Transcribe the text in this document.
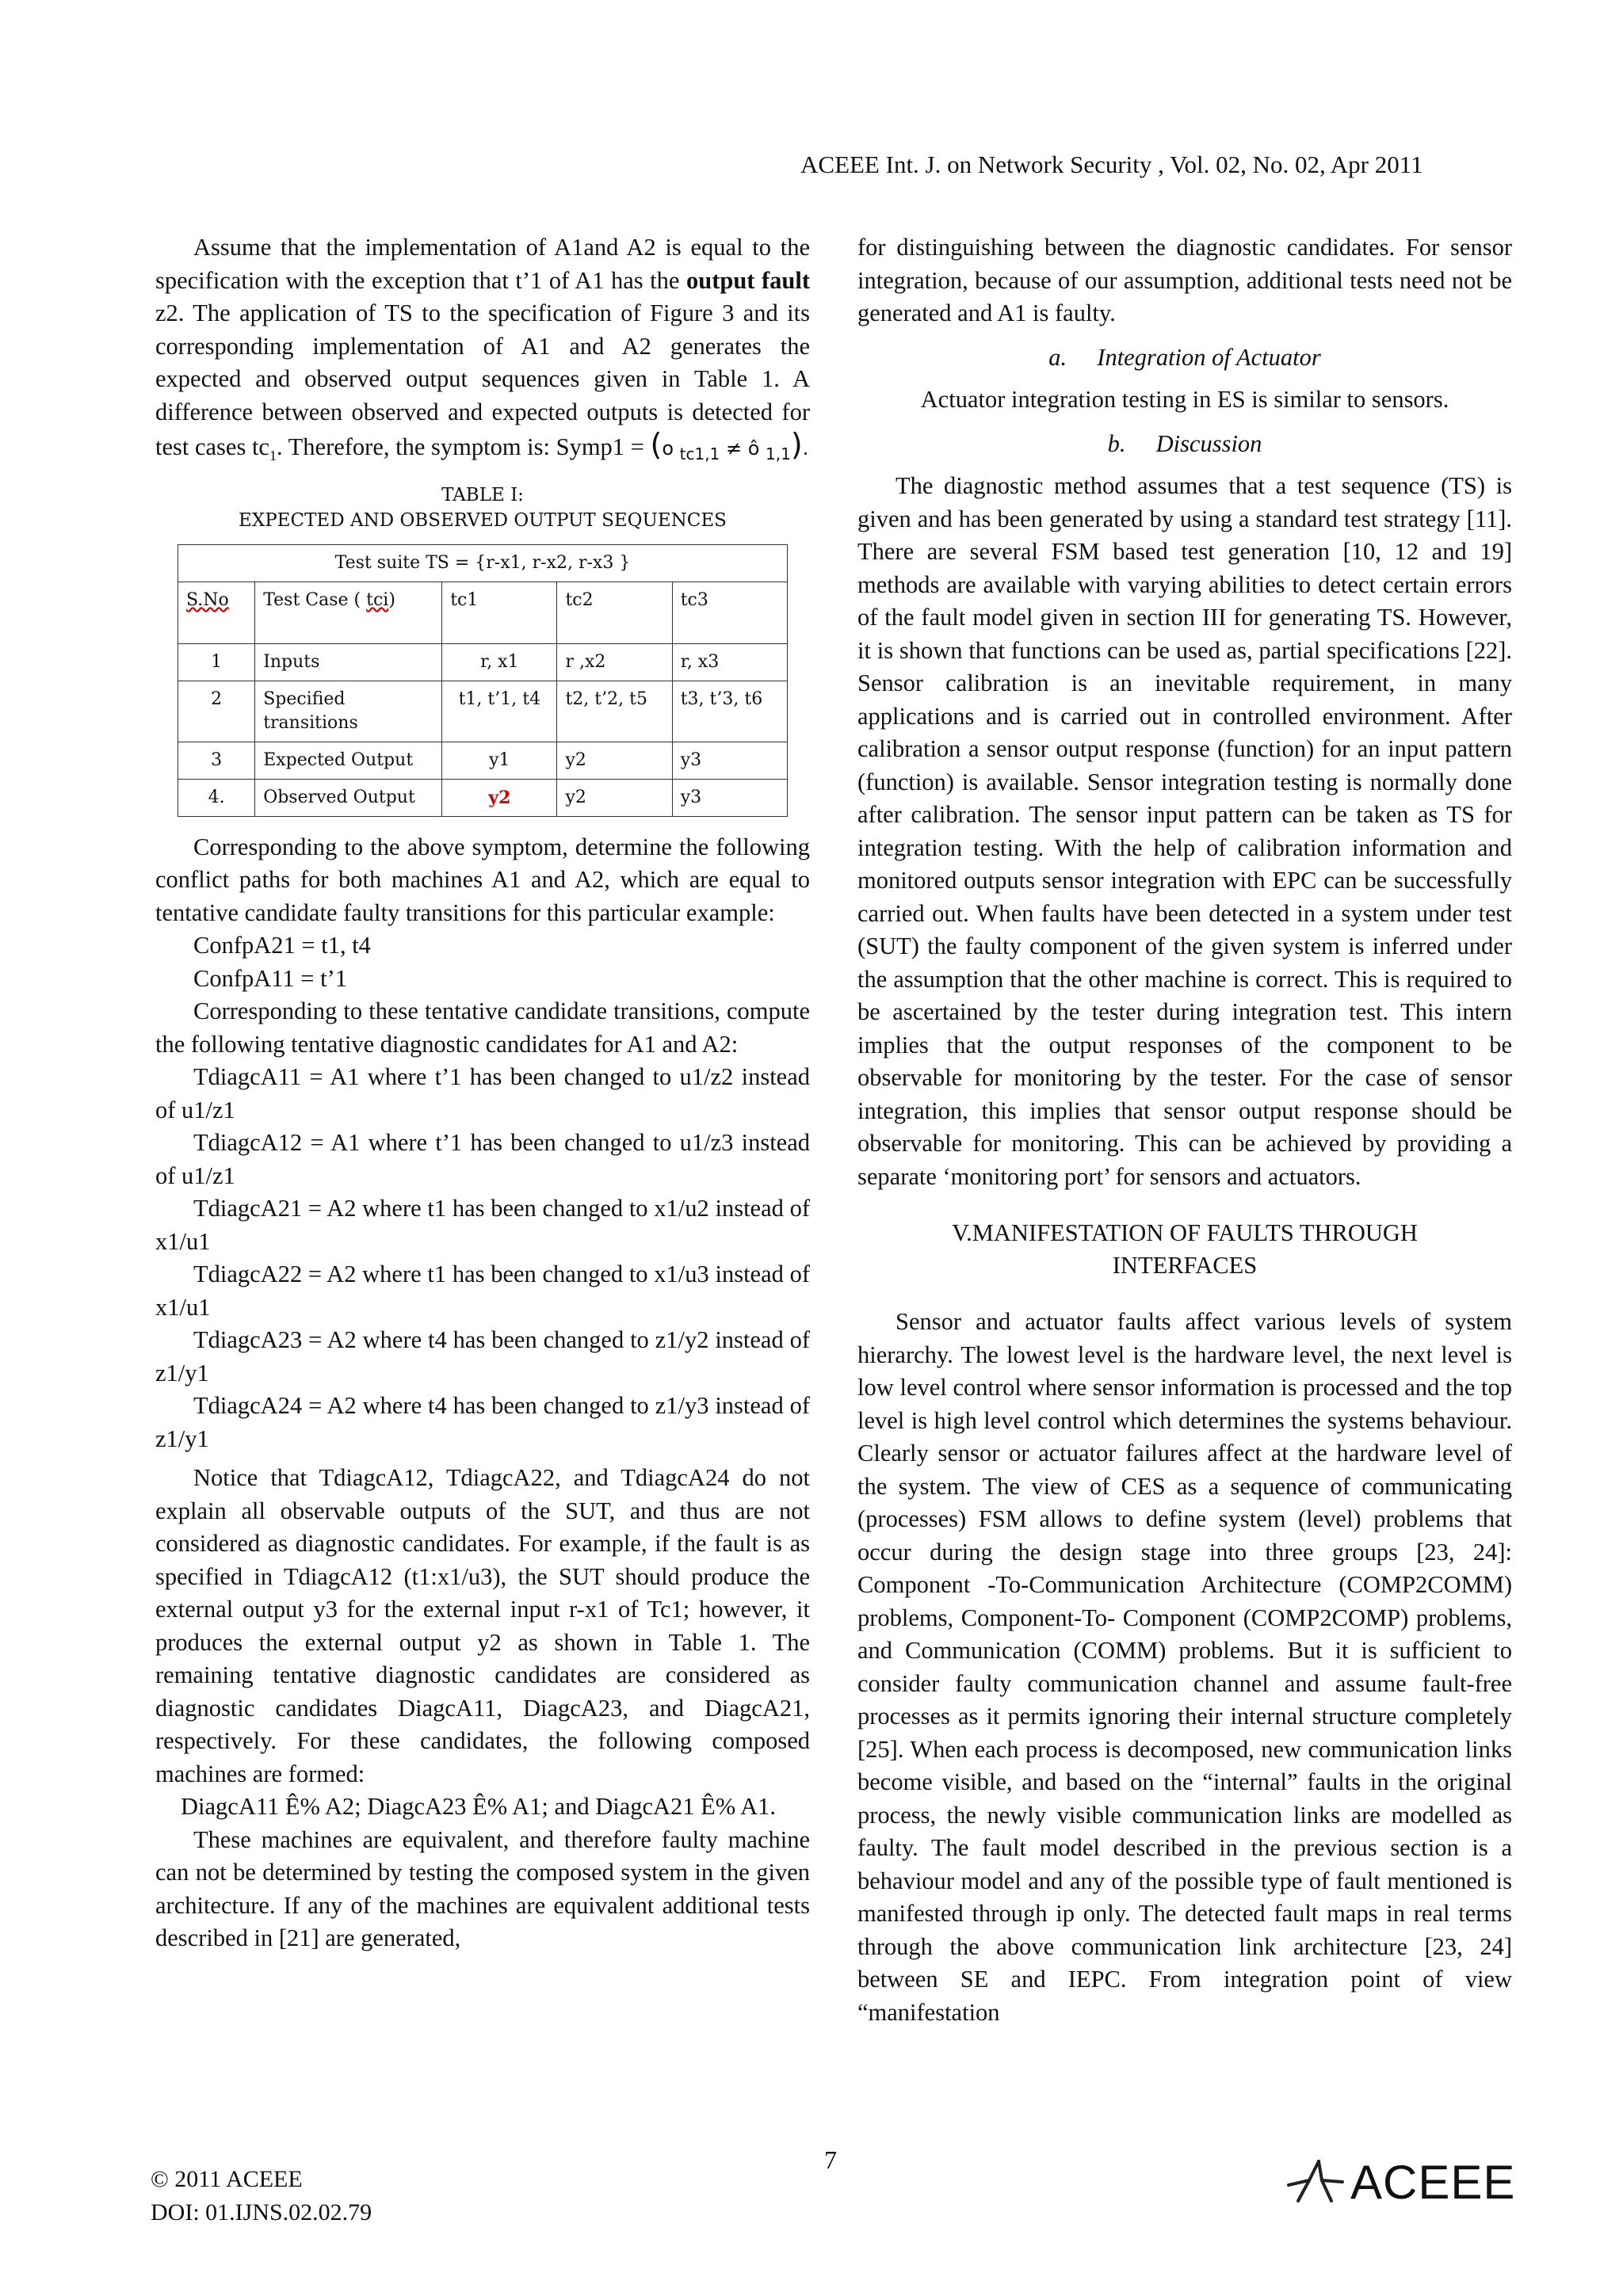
ACEEE Int. J. on Network Security , Vol. 02, No. 02, Apr 2011

Assume that the implementation of A1and A2 is equal to the specification with the exception that t’1 of A1 has the output fault z2. The application of TS to the specification of Figure 3 and its corresponding implementation of A1 and A2 generates the expected and observed output sequences given in Table 1. A difference between observed and expected outputs is detected for test cases $tc_1$. Therefore, the symptom is: Symp1 = (o $_{tc1,1}$ ≠ ô $_{1,1}$).

TABLE I:
EXPECTED AND OBSERVED OUTPUT SEQUENCES
Test suite TS = {r-x1, r-x2, r-x3 }				
S.No	Test Case ( tci)	tc1	tc2	tc3
1	Inputs	r, x1	r ,x2	r, x3
2	Specified transitions	t1, t’1, t4	t2, t’2, t5	t3, t’3, t6
3	Expected Output	y1	y2	y3
4.	Observed Output	y2	y2	y3

Corresponding to the above symptom, determine the following conflict paths for both machines A1 and A2, which are equal to tentative candidate faulty transitions for this particular example:

ConfpA21 = t1, t4

ConfpA11 = t’1

Corresponding to these tentative candidate transitions, compute the following tentative diagnostic candidates for A1 and A2:

TdiagcA11 = A1 where t’1 has been changed to u1/z2 instead of u1/z1

TdiagcA12 = A1 where t’1 has been changed to u1/z3 instead of u1/z1

TdiagcA21 = A2 where t1 has been changed to x1/u2 instead of x1/u1

TdiagcA22 = A2 where t1 has been changed to x1/u3 instead of x1/u1

TdiagcA23 = A2 where t4 has been changed to z1/y2 instead of z1/y1

TdiagcA24 = A2 where t4 has been changed to z1/y3 instead of z1/y1

Notice that TdiagcA12, TdiagcA22, and TdiagcA24 do not explain all observable outputs of the SUT, and thus are not considered as diagnostic candidates. For example, if the fault is as specified in TdiagcA12 (t1:x1/u3), the SUT should produce the external output y3 for the external input r-x1 of Tc1; however, it produces the external output y2 as shown in Table 1. The remaining tentative diagnostic candidates are considered as diagnostic candidates DiagcA11, DiagcA23, and DiagcA21, respectively. For these candidates, the following composed machines are formed:

DiagcA11 Ê% A2; DiagcA23 Ê% A1; and DiagcA21 Ê% A1.

These machines are equivalent, and therefore faulty machine can not be determined by testing the composed system in the given architecture. If any of the machines are equivalent additional tests described in [21] are generated,

for distinguishing between the diagnostic candidates. For sensor integration, because of our assumption, additional tests need not be generated and A1 is faulty.

a. Integration of Actuator

Actuator integration testing in ES is similar to sensors.

b. Discussion

The diagnostic method assumes that a test sequence (TS) is given and has been generated by using a standard test strategy [11]. There are several FSM based test generation [10, 12 and 19] methods are available with varying abilities to detect certain errors of the fault model given in section III for generating TS. However, it is shown that functions can be used as, partial specifications [22]. Sensor calibration is an inevitable requirement, in many applications and is carried out in controlled environment. After calibration a sensor output response (function) for an input pattern (function) is available. Sensor integration testing is normally done after calibration. The sensor input pattern can be taken as TS for integration testing. With the help of calibration information and monitored outputs sensor integration with EPC can be successfully carried out. When faults have been detected in a system under test (SUT) the faulty component of the given system is inferred under the assumption that the other machine is correct. This is required to be ascertained by the tester during integration test. This intern implies that the output responses of the component to be observable for monitoring by the tester. For the case of sensor integration, this implies that sensor output response should be observable for monitoring. This can be achieved by providing a separate ‘monitoring port’ for sensors and actuators.

V.MANIFESTATION OF FAULTS THROUGH
INTERFACES

Sensor and actuator faults affect various levels of system hierarchy. The lowest level is the hardware level, the next level is low level control where sensor information is processed and the top level is high level control which determines the systems behaviour. Clearly sensor or actuator failures affect at the hardware level of the system. The view of CES as a sequence of communicating (processes) FSM allows to define system (level) problems that occur during the design stage into three groups [23, 24]: Component -To-Communication Architecture (COMP2COMM) problems, Component-To- Component (COMP2COMP) problems, and Communication (COMM) problems. But it is sufficient to consider faulty communication channel and assume fault-free processes as it permits ignoring their internal structure completely [25]. When each process is decomposed, new communication links become visible, and based on the “internal” faults in the original process, the newly visible communication links are modelled as faulty. The fault model described in the previous section is a behaviour model and any of the possible type of fault mentioned is manifested through ip only. The detected fault maps in real terms through the above communication link architecture [23, 24] between SE and IEPC. From integration point of view “manifestation

7
© 2011 ACEEE
DOI: 01.IJNS.02.02.79
ACEEE
